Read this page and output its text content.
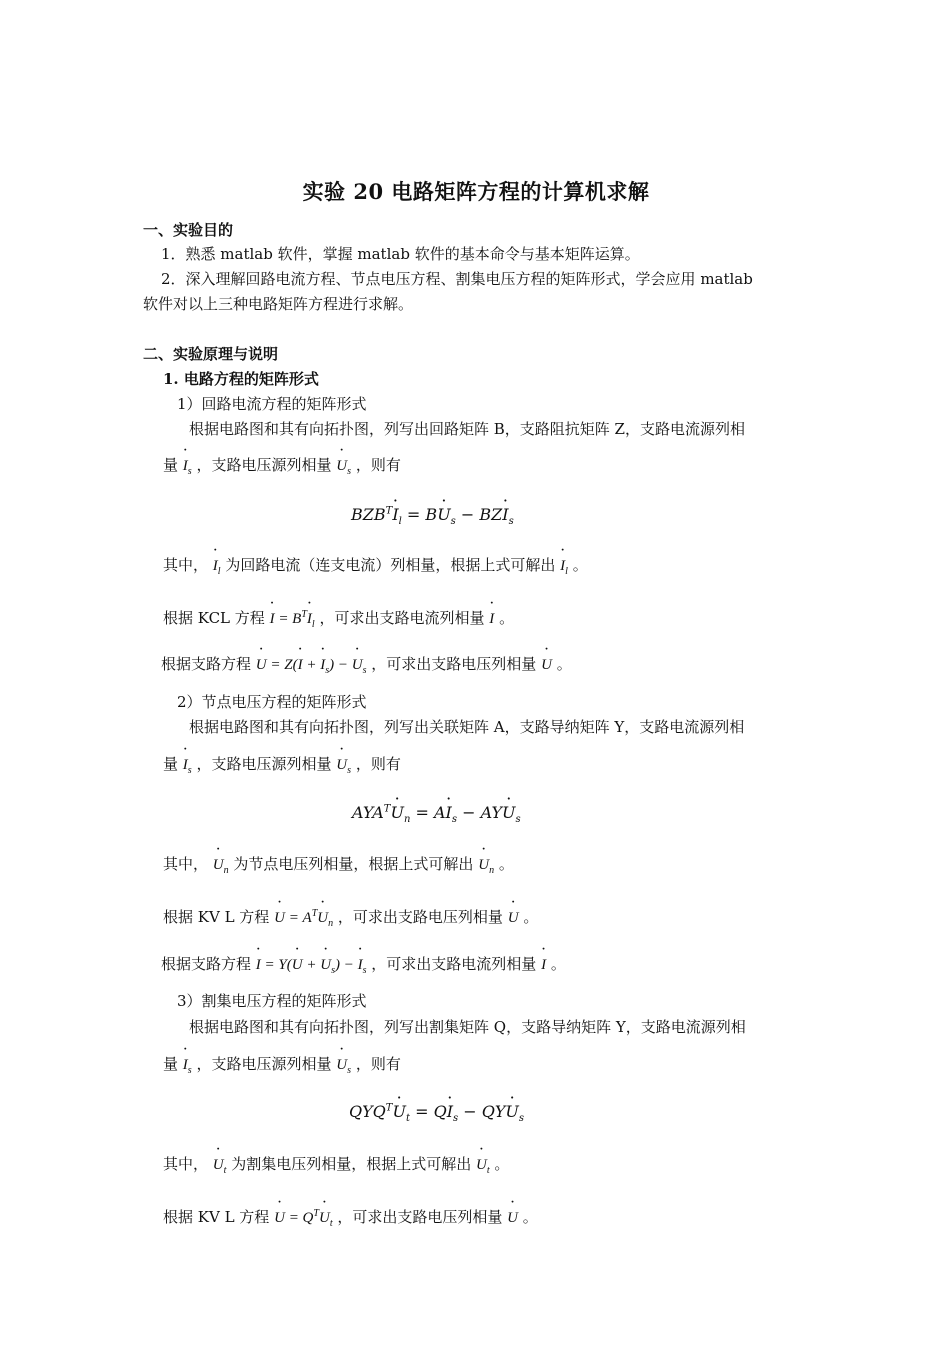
实验 20 电路矩阵方程的计算机求解
一、实验目的
1．熟悉 matlab 软件，掌握 matlab 软件的基本命令与基本矩阵运算。
2．深入理解回路电流方程、节点电压方程、割集电压方程的矩阵形式，学会应用 matlab
软件对以上三种电路矩阵方程进行求解。
二、实验原理与说明
1. 电路方程的矩阵形式
1）回路电流方程的矩阵形式
根据电路图和其有向拓扑图，列写出回路矩阵 B，支路阻抗矩阵 Z，支路电流源列相
量 · $I_s$ ，支路电压源列相量 · $U_s$ ，则有
$BZB^T\cdot I_l = B\cdot U_s - BZ\cdot I_s$
其中， · $I_l$ 为回路电流（连支电流）列相量，根据上式可解出 · $I_l$ 。
根据 KCL 方程 · $I = B^T\cdot I_l$ ，可求出支路电流列相量 · I 。
根据支路方程 · U = Z(· I + · $I_s$) − · $U_s$ ，可求出支路电压列相量 · U 。
2）节点电压方程的矩阵形式
根据电路图和其有向拓扑图，列写出关联矩阵 A，支路导纳矩阵 Y，支路电流源列相
量 · $I_s$ ，支路电压源列相量 · $U_s$ ，则有
$AYA^T\cdot U_n = A\cdot I_s - AY\cdot U_s$
其中， · $U_n$ 为节点电压列相量，根据上式可解出 · $U_n$ 。
根据 KV L 方程 · $U = A^T\cdot U_n$ ，可求出支路电压列相量 · U 。
根据支路方程 · I = Y(· U + · $U_s$) − · $I_s$ ，可求出支路电流列相量 · I 。
3）割集电压方程的矩阵形式
根据电路图和其有向拓扑图，列写出割集矩阵 Q，支路导纳矩阵 Y，支路电流源列相
量 · $I_s$ ，支路电压源列相量 · $U_s$ ，则有
$QYQ^T\cdot U_t = Q\cdot I_s - QY\cdot U_s$
其中， · $U_t$ 为割集电压列相量，根据上式可解出 · $U_t$ 。
根据 KV L 方程 · $U = Q^T\cdot U_t$ ，可求出支路电压列相量 · U 。
